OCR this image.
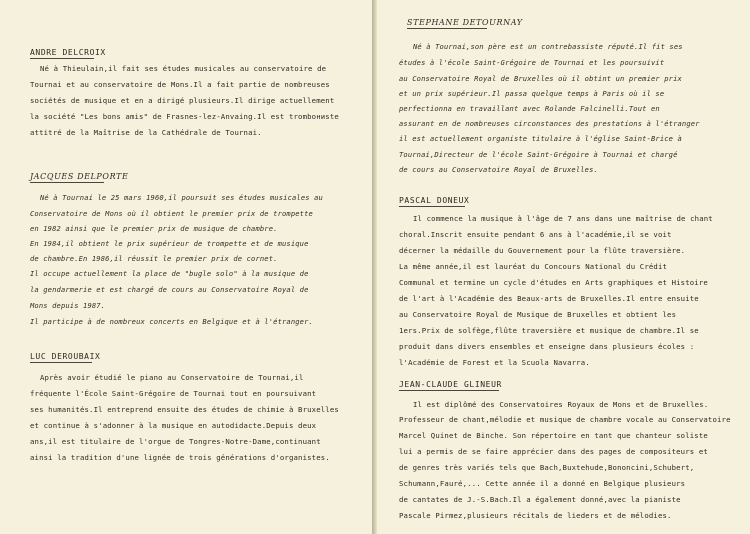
ANDRE DELCROIX
Né à Thieulain,il fait ses études musicales au conservatoire de
Tournai et au conservatoire de Mons.Il a fait partie de nombreuses
sociétés de musique et en a dirigé plusieurs.Il dirige actuellement
la société "Les bons amis" de Frasnes-lez-Anvaing.Il est trombониste
attitré de la Maîtrise de la Cathédrale de Tournai.
JACQUES DELPORTE
Né à Tournai le 25 mars 1960,il poursuit ses études musicales au
Conservatoire de Mons où il obtient le premier prix de trompette
en 1982 ainsi que le premier prix de musique de chambre.
En 1984,il obtient le prix supérieur de trompette et de musique
de chambre.En 1986,il réussit le premier prix de cornet.
Il occupe actuellement la place de "bugle solo" à la musique de
la gendarmerie et est chargé de cours au Conservatoire Royal de
Mons depuis 1987.
Il participe à de nombreux concerts en Belgique et à l'étranger.
LUC DEROUBAIX
Après avoir étudié le piano au Conservatoire de Tournai,il
fréquente l'École Saint-Grégoire de Tournai tout en poursuivant
ses humanités.Il entreprend ensuite des études de chimie à Bruxelles
et continue à s'adonner à la musique en autodidacte.Depuis deux
ans,il est titulaire de l'orgue de Tongres-Notre-Dame,continuant
ainsi la tradition d'une lignée de trois générations d'organistes.
STEPHANE DETOURNAY
Né à Tournai,son père est un contrebassiste réputé.Il fit ses
études à l'école Saint-Grégoire de Tournai et les poursuivit
au Conservatoire Royal de Bruxelles où il obtint un premier prix
et un prix supérieur.Il passa quelque temps à Paris où il se
perfectionna en travaillant avec Rolande Falcinelli.Tout en
assurant en de nombreuses circonstances des prestations à l'étranger
il est actuellement organiste titulaire à l'église Saint-Brice à
Tournai,Directeur de l'école Saint-Grégoire à Tournai et chargé
de cours au Conservatoire Royal de Bruxelles.
PASCAL DONEUX
Il commence la musique à l'âge de 7 ans dans une maîtrise de chant
choral.Inscrit ensuite pendant 6 ans à l'académie,il se voit
décerner la médaille du Gouvernement pour la flûte traversière.
La même année,il est lauréat du Concours National du Crédit
Communal et termine un cycle d'études en Arts graphiques et Histoire
de l'art à l'Académie des Beaux-arts de Bruxelles.Il entre ensuite
au Conservatoire Royal de Musique de Bruxelles et obtient les
1ers.Prix de solfège,flûte traversière et musique de chambre.Il se
produit dans divers ensembles et enseigne dans plusieurs écoles :
l'Académie de Forest et la Scuola Navarra.
JEAN-CLAUDE GLINEUR
Il est diplômé des Conservatoires Royaux de Mons et de Bruxelles.
Professeur de chant,mélodie et musique de chambre vocale au Conservatoire
Marcel Quinet de Binche. Son répertoire en tant que chanteur soliste
lui a permis de se faire apprécier dans des pages de compositeurs et
de genres très variés tels que Bach,Buxtehude,Bononcini,Schubert,
Schumann,Fauré,... Cette année il a donné en Belgique plusieurs
de cantates de J.-S.Bach.Il a également donné,avec la pianiste
Pascale Pirmez,plusieurs récitals de lieders et de mélodies.
